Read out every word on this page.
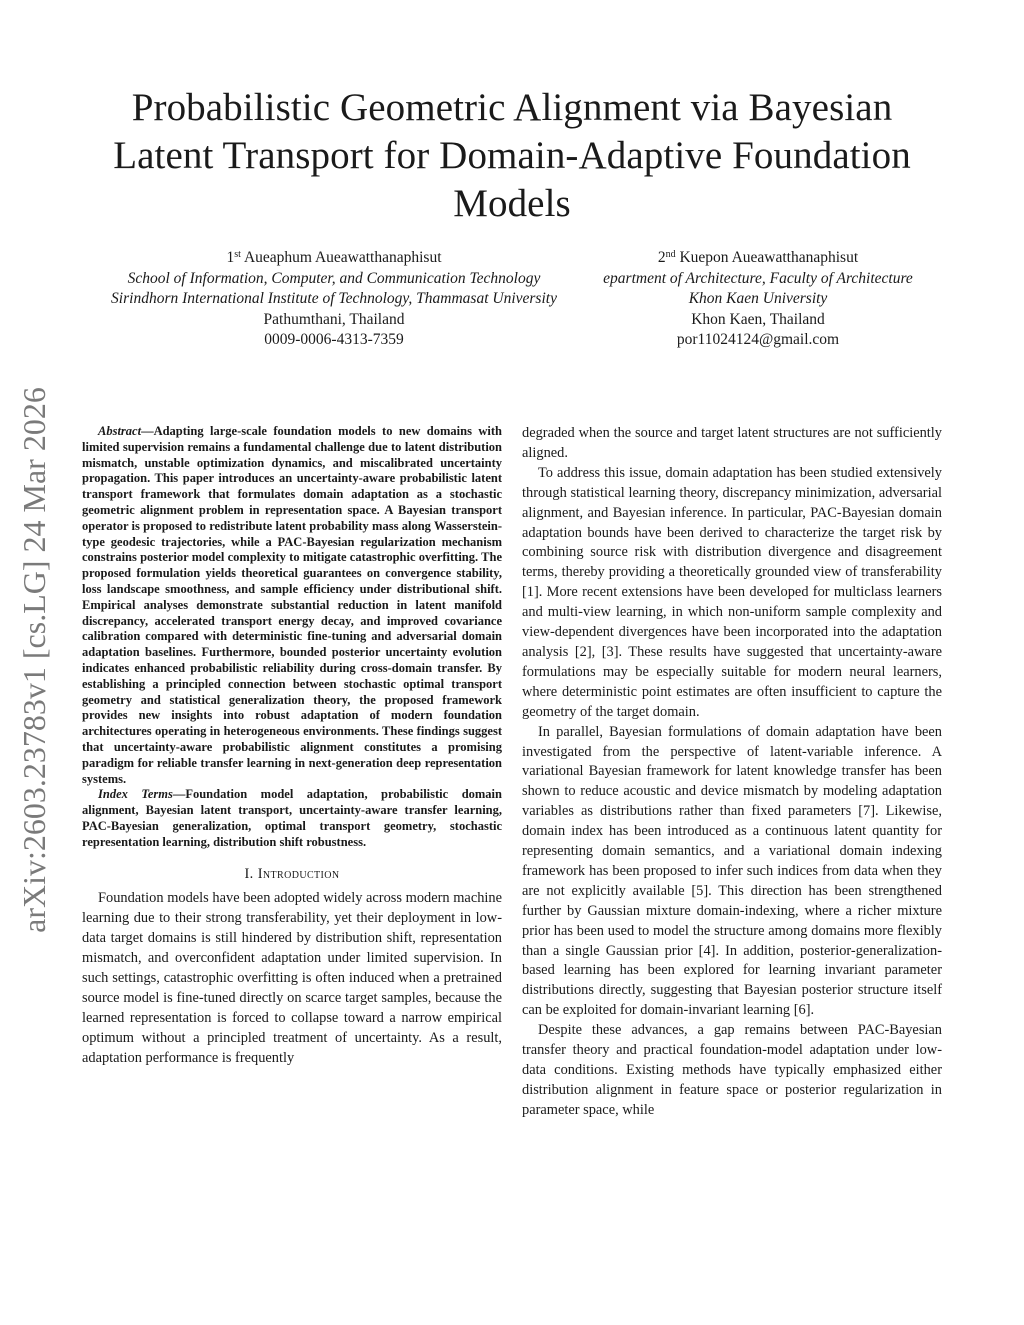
Probabilistic Geometric Alignment via Bayesian Latent Transport for Domain-Adaptive Foundation Models
1st Aueaphum Aueawatthanaphisut
School of Information, Computer, and Communication Technology
Sirindhorn International Institute of Technology, Thammasat University
Pathumthani, Thailand
0009-0006-4313-7359
2nd Kuepon Aueawatthanaphisut
epartment of Architecture, Faculty of Architecture
Khon Kaen University
Khon Kaen, Thailand
por11024124@gmail.com
arXiv:2603.23783v1 [cs.LG] 24 Mar 2026	Abstract—Adapting large-scale foundation models to new domains with limited supervision remains a fundamental challenge due to latent distribution mismatch, unstable optimization dynamics, and miscalibrated uncertainty propagation. This paper introduces an uncertainty-aware probabilistic latent transport framework that formulates domain adaptation as a stochastic geometric alignment problem in representation space. A Bayesian transport operator is proposed to redistribute latent probability mass along Wasserstein-type geodesic trajectories, while a PAC-Bayesian regularization mechanism constrains posterior model complexity to mitigate catastrophic overfitting. The proposed formulation yields theoretical guarantees on convergence stability, loss landscape smoothness, and sample efficiency under distributional shift. Empirical analyses demonstrate substantial reduction in latent manifold discrepancy, accelerated transport energy decay, and improved covariance calibration compared with deterministic fine-tuning and adversarial domain adaptation baselines. Furthermore, bounded posterior uncertainty evolution indicates enhanced probabilistic reliability during cross-domain transfer. By establishing a principled connection between stochastic optimal transport geometry and statistical generalization theory, the proposed framework provides new insights into robust adaptation of modern foundation architectures operating in heterogeneous environments. These findings suggest that uncertainty-aware probabilistic alignment constitutes a promising paradigm for reliable transfer learning in next-generation deep representation systems.

Index Terms—Foundation model adaptation, probabilistic domain alignment, Bayesian latent transport, uncertainty-aware transfer learning, PAC-Bayesian generalization, optimal transport geometry, stochastic representation learning, distribution shift robustness.

I. Introduction

Foundation models have been adopted widely across modern machine learning due to their strong transferability, yet their deployment in low-data target domains is still hindered by distribution shift, representation mismatch, and overconfident adaptation under limited supervision. In such settings, catastrophic overfitting is often induced when a pretrained source model is fine-tuned directly on scarce target samples, because the learned representation is forced to collapse toward a narrow empirical optimum without a principled treatment of uncertainty. As a result, adaptation performance is frequently

degraded when the source and target latent structures are not sufficiently aligned.

To address this issue, domain adaptation has been studied extensively through statistical learning theory, discrepancy minimization, adversarial alignment, and Bayesian inference. In particular, PAC-Bayesian domain adaptation bounds have been derived to characterize the target risk by combining source risk with distribution divergence and disagreement terms, thereby providing a theoretically grounded view of transferability [1]. More recent extensions have been developed for multiclass learners and multi-view learning, in which non-uniform sample complexity and view-dependent divergences have been incorporated into the adaptation analysis [2], [3]. These results have suggested that uncertainty-aware formulations may be especially suitable for modern neural learners, where deterministic point estimates are often insufficient to capture the geometry of the target domain.

In parallel, Bayesian formulations of domain adaptation have been investigated from the perspective of latent-variable inference. A variational Bayesian framework for latent knowledge transfer has been shown to reduce acoustic and device mismatch by modeling adaptation variables as distributions rather than fixed parameters [7]. Likewise, domain index has been introduced as a continuous latent quantity for representing domain semantics, and a variational domain indexing framework has been proposed to infer such indices from data when they are not explicitly available [5]. This direction has been strengthened further by Gaussian mixture domain-indexing, where a richer mixture prior has been used to model the structure among domains more flexibly than a single Gaussian prior [4]. In addition, posterior-generalization-based learning has been explored for learning invariant parameter distributions directly, suggesting that Bayesian posterior structure itself can be exploited for domain-invariant learning [6].

Despite these advances, a gap remains between PAC-Bayesian transfer theory and practical foundation-model adaptation under low-data conditions. Existing methods have typically emphasized either distribution alignment in feature space or posterior regularization in parameter space, while
